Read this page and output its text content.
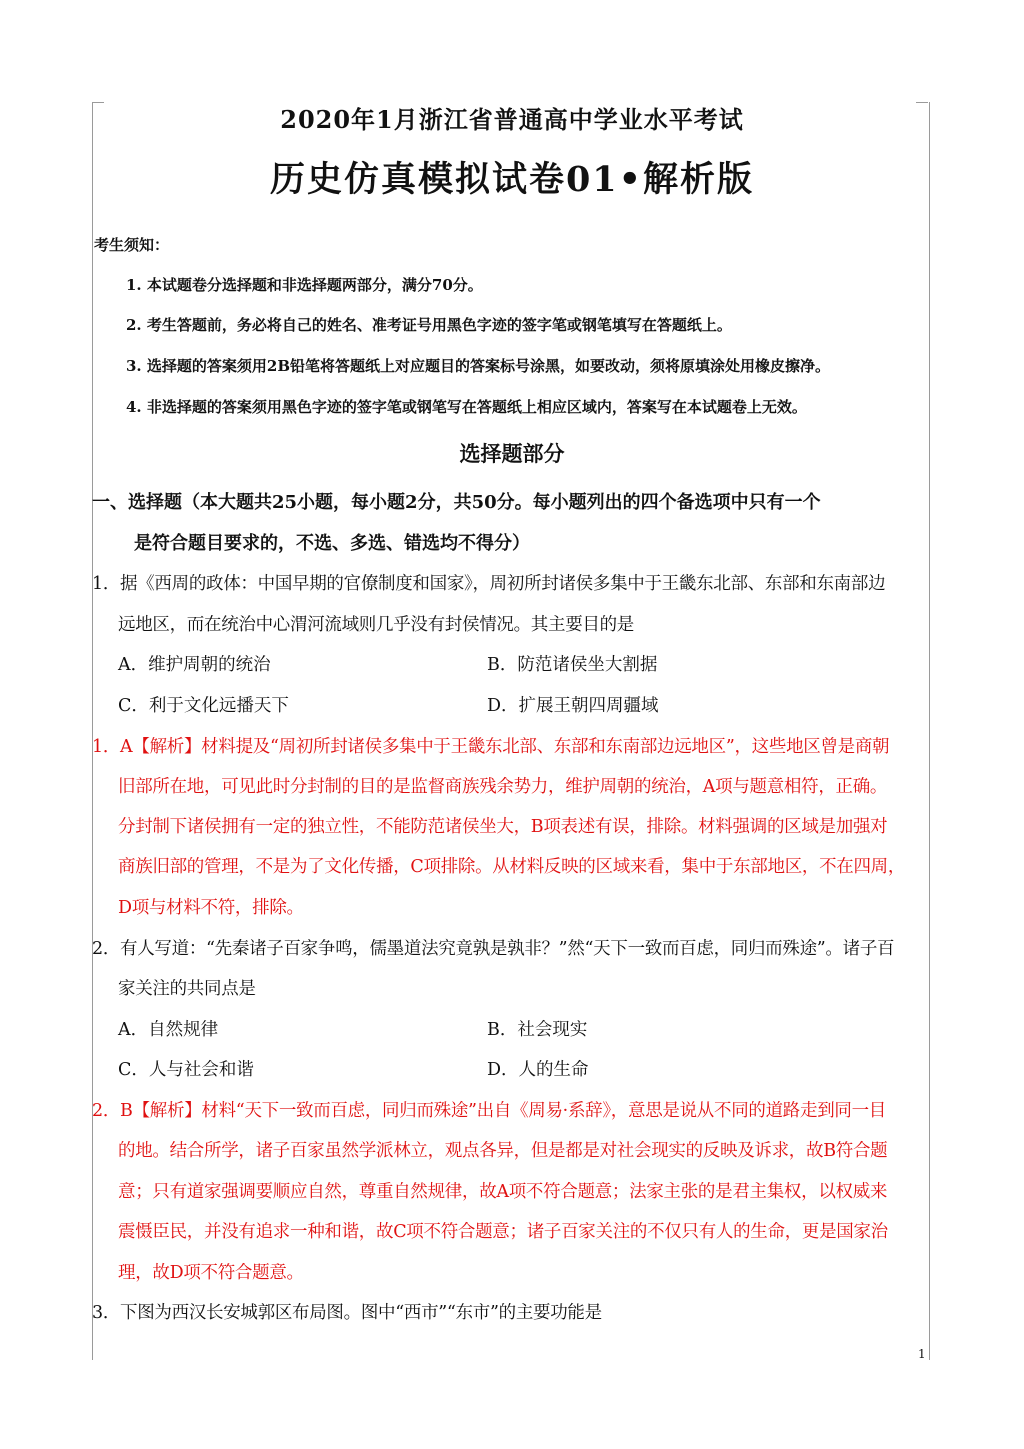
2020年1月浙江省普通高中学业水平考试
历史仿真模拟试卷01•解析版
考生须知：
1. 本试题卷分选择题和非选择题两部分，满分70分。
2. 考生答题前，务必将自己的姓名、准考证号用黑色字迹的签字笔或钢笔填写在答题纸上。
3. 选择题的答案须用2B铅笔将答题纸上对应题目的答案标号涂黑，如要改动，须将原填涂处用橡皮擦净。
4. 非选择题的答案须用黑色字迹的签字笔或钢笔写在答题纸上相应区域内，答案写在本试题卷上无效。
选择题部分
一、选择题（本大题共25小题，每小题2分，共50分。每小题列出的四个备选项中只有一个
是符合题目要求的，不选、多选、错选均不得分）
1．据《西周的政体：中国早期的官僚制度和国家》，周初所封诸侯多集中于王畿东北部、东部和东南部边
远地区，而在统治中心渭河流域则几乎没有封侯情况。其主要目的是
A．维护周朝的统治	B．防范诸侯坐大割据
C．利于文化远播天下	D．扩展王朝四周疆域
1．A【解析】材料提及“周初所封诸侯多集中于王畿东北部、东部和东南部边远地区”，这些地区曾是商朝
旧部所在地，可见此时分封制的目的是监督商族残余势力，维护周朝的统治，A项与题意相符，正确。
分封制下诸侯拥有一定的独立性，不能防范诸侯坐大，B项表述有误，排除。材料强调的区域是加强对
商族旧部的管理，不是为了文化传播，C项排除。从材料反映的区域来看，集中于东部地区，不在四周，
D项与材料不符，排除。
2．有人写道：“先秦诸子百家争鸣，儒墨道法究竟孰是孰非？”然“天下一致而百虑，同归而殊途”。诸子百
家关注的共同点是
A．自然规律	B．社会现实
C．人与社会和谐	D．人的生命
2．B【解析】材料“天下一致而百虑，同归而殊途”出自《周易·系辞》，意思是说从不同的道路走到同一目
的地。结合所学，诸子百家虽然学派林立，观点各异，但是都是对社会现实的反映及诉求，故B符合题
意；只有道家强调要顺应自然，尊重自然规律，故A项不符合题意；法家主张的是君主集权，以权威来
震慑臣民，并没有追求一种和谐，故C项不符合题意；诸子百家关注的不仅只有人的生命，更是国家治
理，故D项不符合题意。
3．下图为西汉长安城郭区布局图。图中“西市”“东市”的主要功能是
1
